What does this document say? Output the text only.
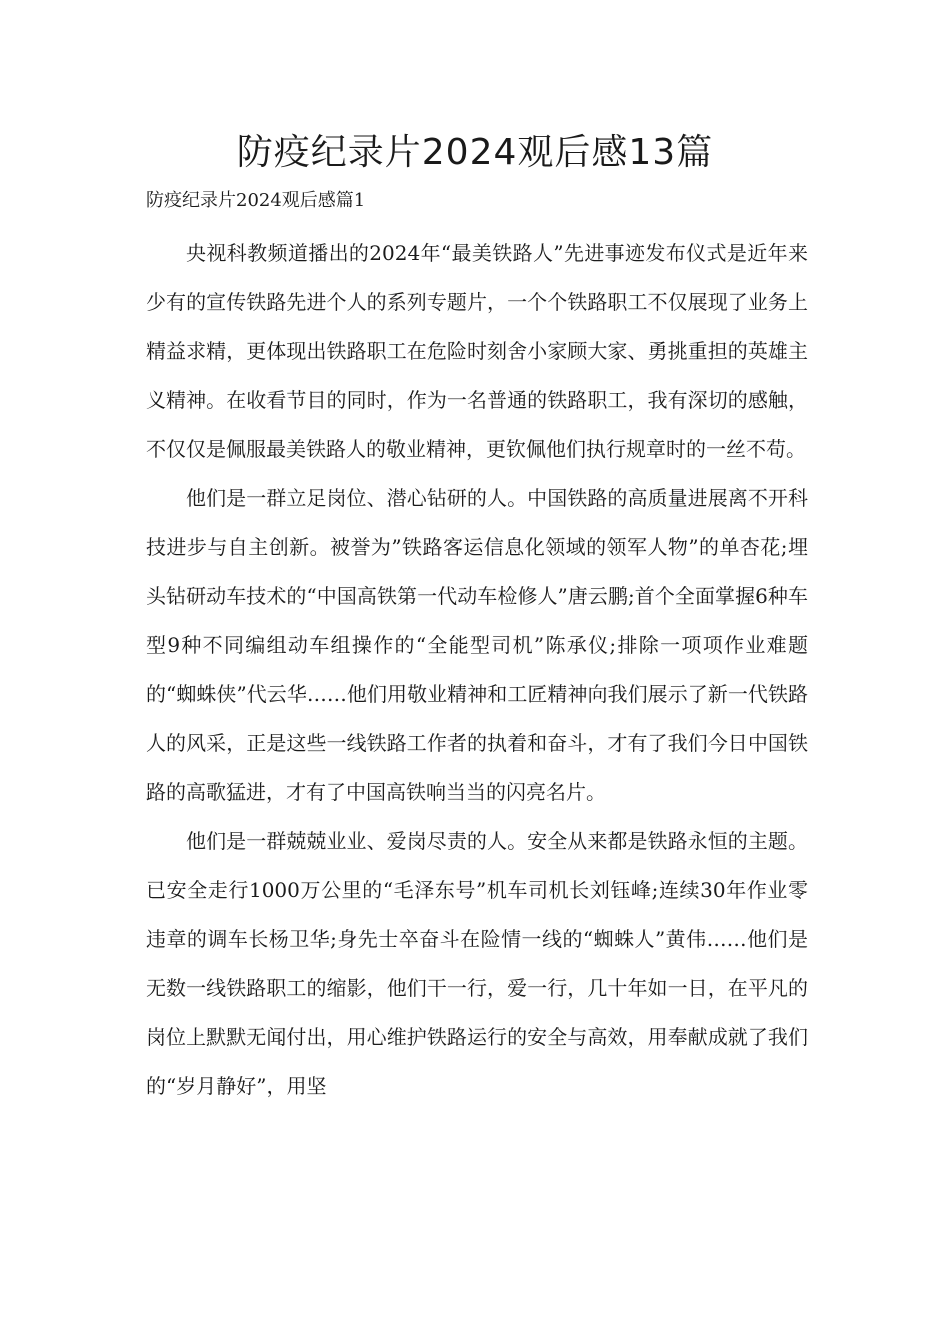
防疫纪录片2024观后感13篇
防疫纪录片2024观后感篇1

央视科教频道播出的2024年“最美铁路人”先进事迹发布仪式是近年来少有的宣传铁路先进个人的系列专题片，一个个铁路职工不仅展现了业务上精益求精，更体现出铁路职工在危险时刻舍小家顾大家、勇挑重担的英雄主义精神。在收看节目的同时，作为一名普通的铁路职工，我有深切的感触，不仅仅是佩服最美铁路人的敬业精神，更钦佩他们执行规章时的一丝不苟。

他们是一群立足岗位、潜心钻研的人。中国铁路的高质量进展离不开科技进步与自主创新。被誉为”铁路客运信息化领域的领军人物”的单杏花;埋头钻研动车技术的“中国高铁第一代动车检修人”唐云鹏;首个全面掌握6种车型9种不同编组动车组操作的“全能型司机”陈承仪;排除一项项作业难题的“蜘蛛侠”代云华……他们用敬业精神和工匠精神向我们展示了新一代铁路人的风采，正是这些一线铁路工作者的执着和奋斗，才有了我们今日中国铁路的高歌猛进，才有了中国高铁响当当的闪亮名片。

他们是一群兢兢业业、爱岗尽责的人。安全从来都是铁路永恒的主题。已安全走行1000万公里的“毛泽东号”机车司机长刘钰峰;连续30年作业零违章的调车长杨卫华;身先士卒奋斗在险情一线的“蜘蛛人”黄伟……他们是无数一线铁路职工的缩影，他们干一行，爱一行，几十年如一日，在平凡的岗位上默默无闻付出，用心维护铁路运行的安全与高效，用奉献成就了我们的“岁月静好”，用坚
